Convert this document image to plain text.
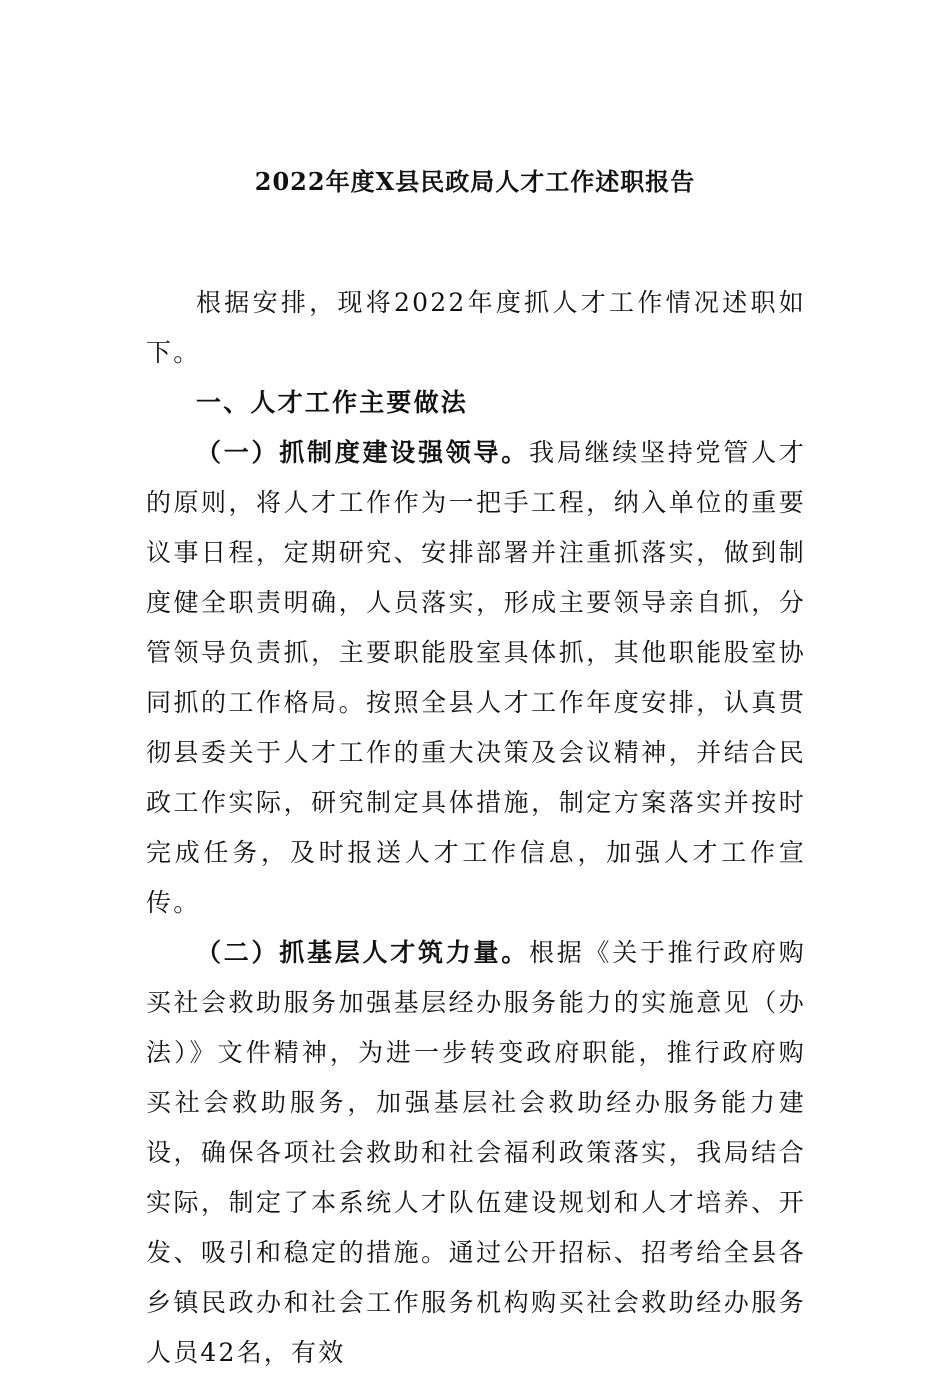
2022年度X县民政局人才工作述职报告

根据安排，现将2022年度抓人才工作情况述职如下。

一、人才工作主要做法

（一）抓制度建设强领导。我局继续坚持党管人才的原则，将人才工作作为一把手工程，纳入单位的重要议事日程，定期研究、安排部署并注重抓落实，做到制度健全职责明确，人员落实，形成主要领导亲自抓，分管领导负责抓，主要职能股室具体抓，其他职能股室协同抓的工作格局。按照全县人才工作年度安排，认真贯彻县委关于人才工作的重大决策及会议精神，并结合民政工作实际，研究制定具体措施，制定方案落实并按时完成任务，及时报送人才工作信息，加强人才工作宣传。

（二）抓基层人才筑力量。根据《关于推行政府购买社会救助服务加强基层经办服务能力的实施意见（办法）》文件精神，为进一步转变政府职能，推行政府购买社会救助服务，加强基层社会救助经办服务能力建设，确保各项社会救助和社会福利政策落实，我局结合实际，制定了本系统人才队伍建设规划和人才培养、开发、吸引和稳定的措施。通过公开招标、招考给全县各乡镇民政办和社会工作服务机构购买社会救助经办服务人员42名，有效
